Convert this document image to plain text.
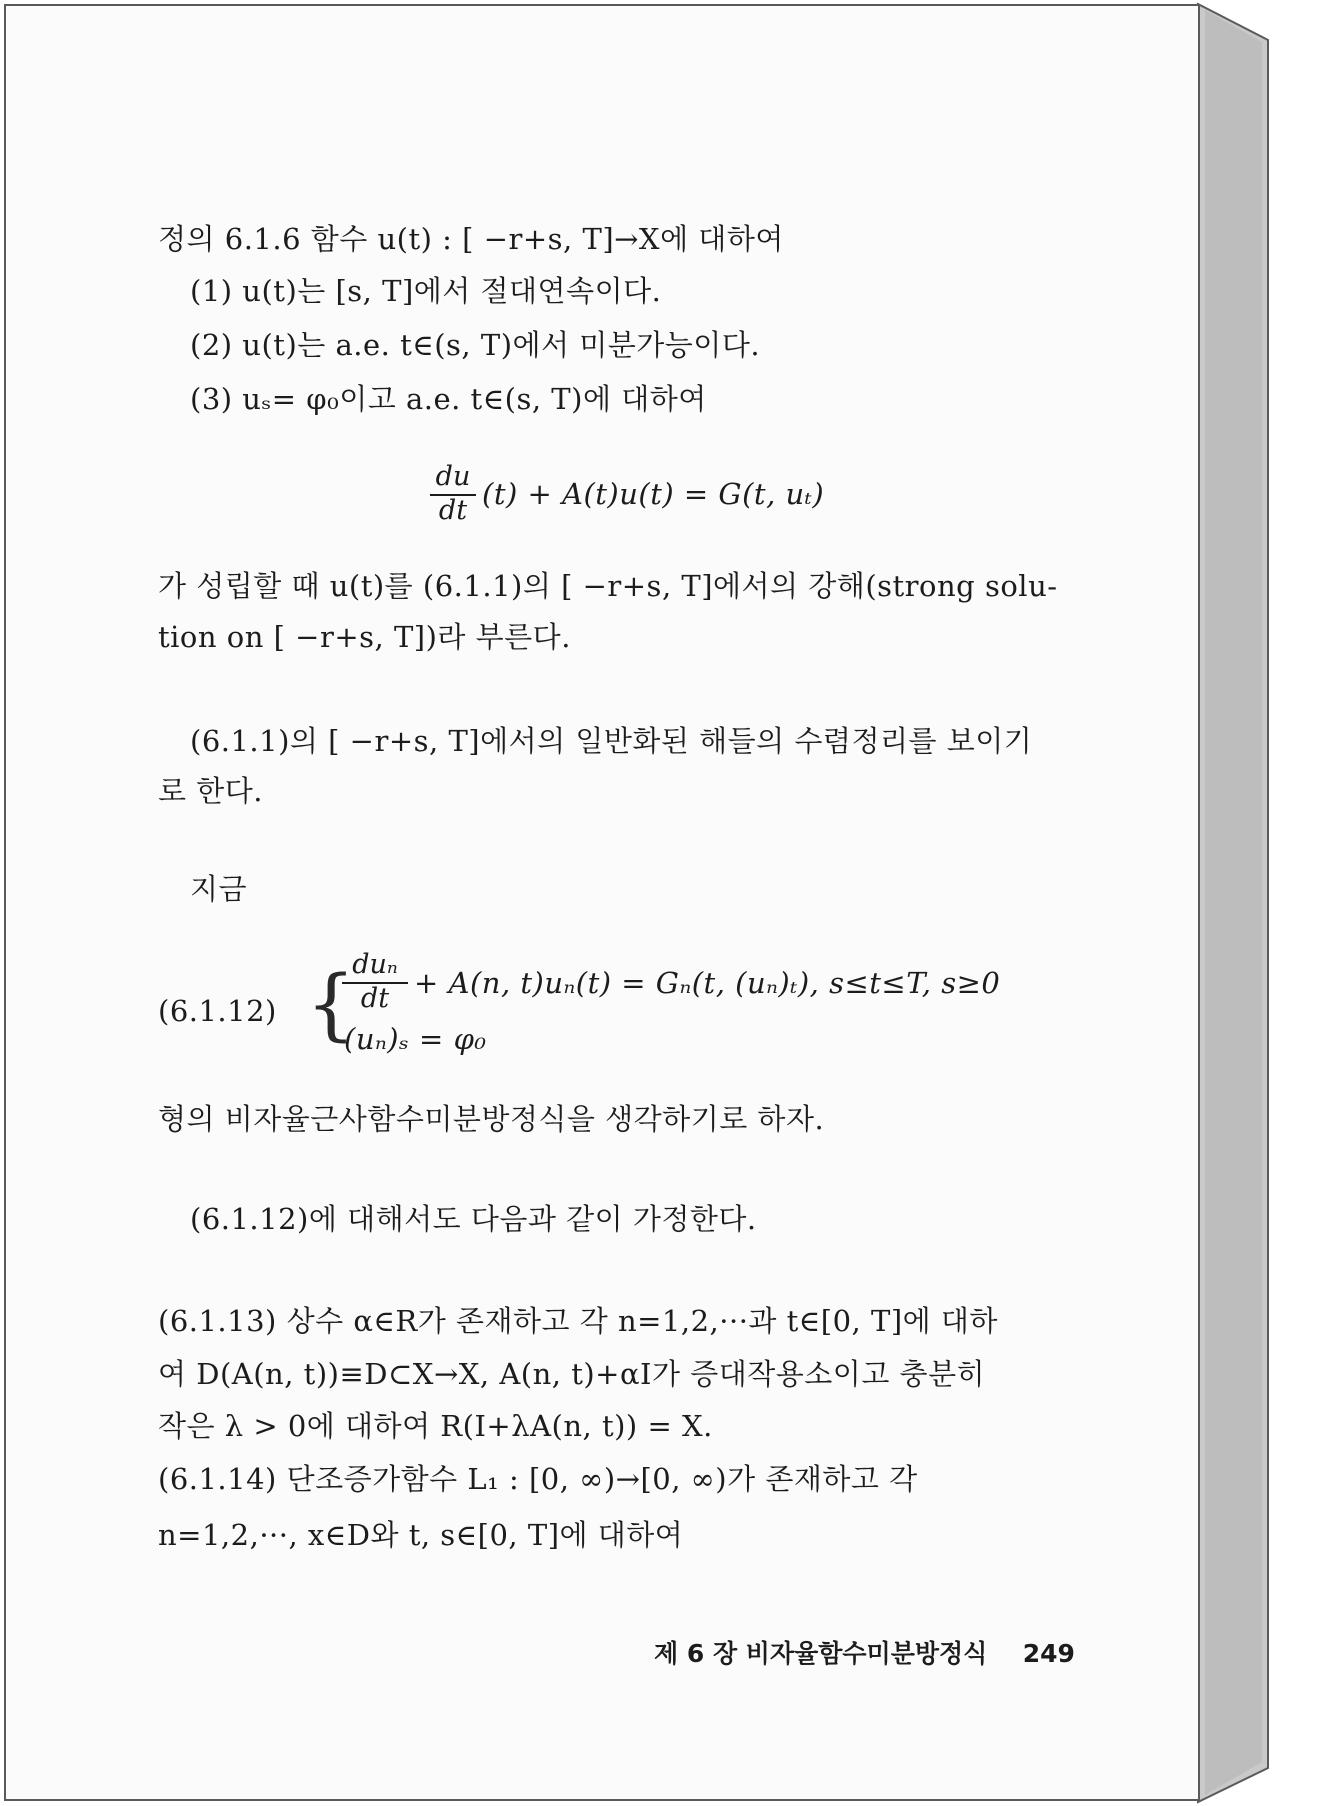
정의 6.1.6 함수 u(t) : [ −r+s, T]→X에 대하여
(1) u(t)는 [s, T]에서 절대연속이다.
(2) u(t)는 a.e. t∈(s, T)에서 미분가능이다.
(3) uₛ= φ₀이고 a.e. t∈(s, T)에 대하여
du
dt (t) + A(t)u(t) = G(t, uₜ)
가 성립할 때 u(t)를 (6.1.1)의 [ −r+s, T]에서의 강해(strong solu-
tion on [ −r+s, T])라 부른다.
(6.1.1)의 [ −r+s, T]에서의 일반화된 해들의 수렴정리를 보이기
로 한다.
지금
(6.1.12) {
duₙ
dt + A(n, t)uₙ(t) = Gₙ(t, (uₙ)ₜ), s≤t≤T, s≥0
(uₙ)ₛ = φ₀
형의 비자율근사함수미분방정식을 생각하기로 하자.
(6.1.12)에 대해서도 다음과 같이 가정한다.
(6.1.13) 상수 α∈R가 존재하고 각 n=1,2,···과 t∈[0, T]에 대하
여 D(A(n, t))≡D⊂X→X, A(n, t)+αI가 증대작용소이고 충분히
작은 λ > 0에 대하여 R(I+λA(n, t)) = X.
(6.1.14) 단조증가함수 L₁ : [0, ∞)→[0, ∞)가 존재하고 각
n=1,2,···, x∈D와 t, s∈[0, T]에 대하여
제 6 장 비자율함수미분방정식 249
